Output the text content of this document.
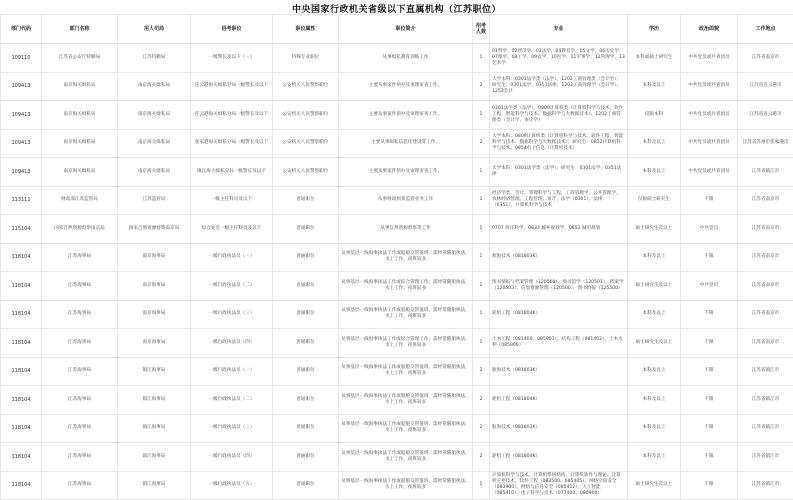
中央国家行政机关省级以下直属机构（江苏职位）
部门代码	部门名称	用人司局	招考职位	职位属性	职位简介	招考人数	专业	学历	政治面貌	工作地点
109110	江苏省公安厅特勤局	江苏特勤局	一级警长及以下（一）	特殊专业职位	从事缉私教育训练工作	1	01哲学、02经济学、03法学、04教育学、05文学、06历史学、07理学、08工学、09农学、10医学、11军事学、12管理学、13艺术学	本科或硕士研究生	中共党员或共青团员	江苏省南京市
109413	南京海关缉私局	南京海关缉私局	连云港海关缉私分局一级警长及以下	公安机关人民警察职位	主要从事案件侦办及审理审查工作。	2	大学本科：0301法学类（法学）、1202工商管理类（会计学）；研究生：0301法学、0351法律、1202工商管理学（会计学）、1253会计	本科及以上	中共党员或共青团员	江苏省连云港市
109413	南京海关缉私局	南京海关缉私局	连云港海关缉私分局一级警长及以下	公安机关人民警察职位	主要从事案件侦办及审理审查工作。	1	0301法学类（法学）、0809计算机类（计算机科学与技术、软件工程、智能科学与技术、数据科学与大数据技术）、1202工商管理类（会计学、审计学）	仅限本科	中共党员或共青团员	江苏省连云港市
109413	南京海关缉私局	南京海关缉私局	张家港海关缉私分局一级警长及以下	公安机关人民警察职位	主要从事缉私信息化建设等工作。	2	大学本科：0809计算机类（计算机科学与技术、软件工程、智能科学与技术、数据科学与大数据技术）；研究生：0812计算机科学与技术、0854电子信息（计算机技术）	本科及以上	中共党员或共青团员	江苏省苏州市张家港市
109413	南京海关缉私局	南京海关缉私局	镇江海关缉私分局一级警长及以下	公安机关人民警察职位	主要从事案件侦办及审理审查工作。	1	大学本科：0301法学类（法学）；研究生：0301法学、0351法律	本科及以上	中共党员或共青团员	江苏省镇江市
113111	财政部江苏监管局	江苏监管局	一级主任科员及以下	普通职位	从事财政预算监管业务工作	1	经济学类、会计、管理科学与工程、工商管理学、公共管理学、农林经济管理、工程管理、审计、法学（0301）、法律（0351）、计算机科学与技术	仅限硕士研究生	不限	江苏省南京市
115104	国家自然资源督察南京局	国家自然资源督察南京局	综合处室一级主任科员及以下	普通职位	从事自然资源督察等工作	1	0707 海洋科学、0833 城乡规划学、0853 城市规划	硕士研究生及以上	中共党员	江苏省南京市
118104	江苏海事局	南京海事局	一级行政执法员（一）	普通职位	从事基层一线海事执法工作或船舶交管值班，需经常随船执法，水上工作，夜班较多	1	航海技术（081803K）	本科及以上	不限	江苏省南京市
118104	江苏海事局	南京海事局	一级行政执法员（二）	普通职位	从事基层一线海事执法工作或综合管理工作，需经常随船执法，水上工作，夜班较多	1	图书情报与档案管理（120500）、图书馆学（120501）、档案学（120503）、信息资源管理（120500）、图书情报（125500）	硕士研究生及以上	中共党员	江苏省南京市
118104	江苏海事局	南京海事局	一级行政执法员（三）	普通职位	从事基层一线海事执法工作或船舶交管值班，需经常随船执法，水上工作，夜班较多	1	轮机工程（081804K）	本科及以上	不限	江苏省南京市
118104	江苏海事局	南京海事局	一级行政执法员（四）	普通职位	从事基层一线海事执法工作或综合管理工作，需经常随船执法，水上工作，夜班较多	1	土木工程（081400、085901）、结构工程（081402）、土木水利（085900）	硕士研究生及以上	不限	江苏省南京市
118104	江苏海事局	镇江海事局	一级行政执法员（一）	普通职位	从事基层一线海事执法工作或船舶交管值班，需经常随船执法，水上工作，夜班较多	2	航海技术（081803K）	本科及以上	不限	江苏省镇江市
118104	江苏海事局	镇江海事局	一级行政执法员（二）	普通职位	从事基层一线海事执法工作或船舶交管值班，需经常随船执法，水上工作，夜班较多	2	轮机工程（081804K）	本科及以上	不限	江苏省镇江市
118104	江苏海事局	镇江海事局	一级行政执法员（三）	普通职位	从事基层一线海事执法工作或船舶交管值班，需经常随船执法，水上工作，夜班较多	2	航海技术（081803K）	本科及以上	不限	江苏省镇江市
118104	江苏海事局	镇江海事局	一级行政执法员（四）	普通职位	从事基层一线海事执法工作或船舶交管值班，需经常随船执法，水上工作，夜班较多	2	轮机工程（081804K）	本科及以上	不限	江苏省镇江市
118104	江苏海事局	镇江海事局	一级行政执法员（五）	普通职位	从事基层一线海事执法工作或船舶交管值班，需经常随船执法，水上工作，夜班较多	1	计算机科学与技术、计算机系统结构、计算机软件与理论、计算机应用技术、软件工程（083500、085405）、网络空间安全（083900）、网络与信息安全（085412）、人工智能（085410）、电子科学与技术（077400、080900）	硕士研究生及以上	不限	江苏省镇江市
